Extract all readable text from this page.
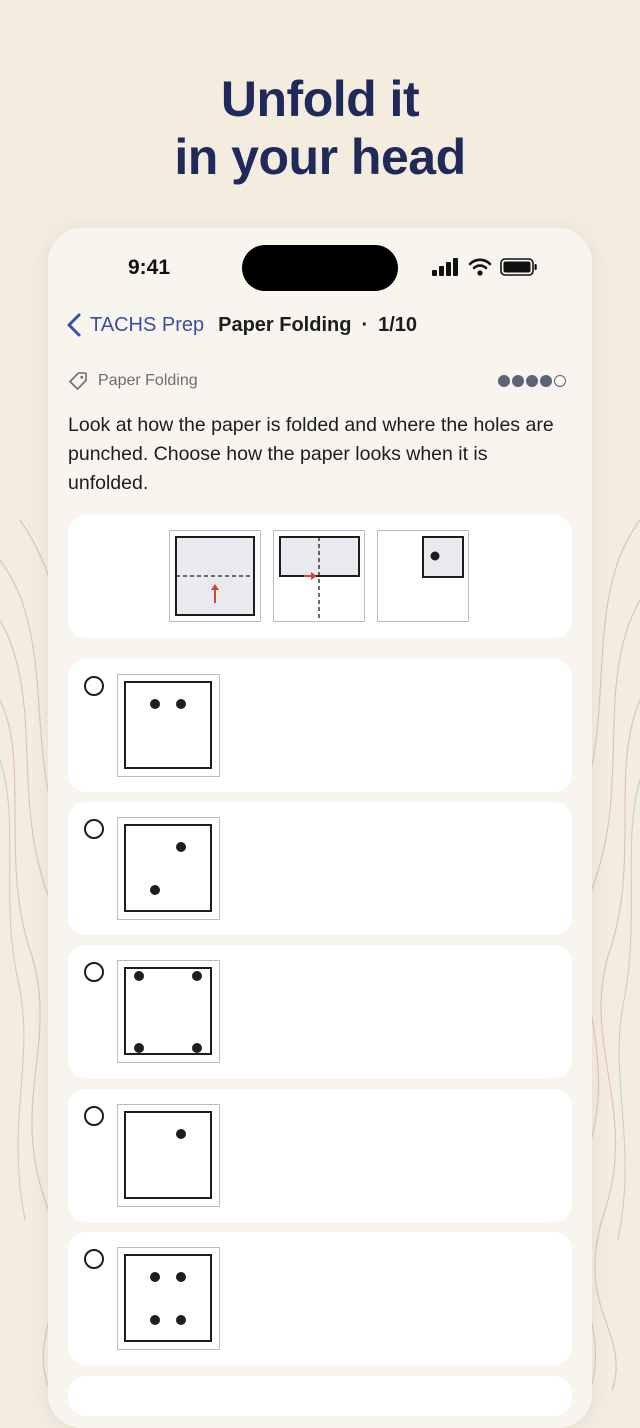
Unfold it
in your head
9:41
TACHS Prep Paper Folding · 1/10
Paper Folding
Look at how the paper is folded and where the holes are punched. Choose how the paper looks when it is unfolded.
